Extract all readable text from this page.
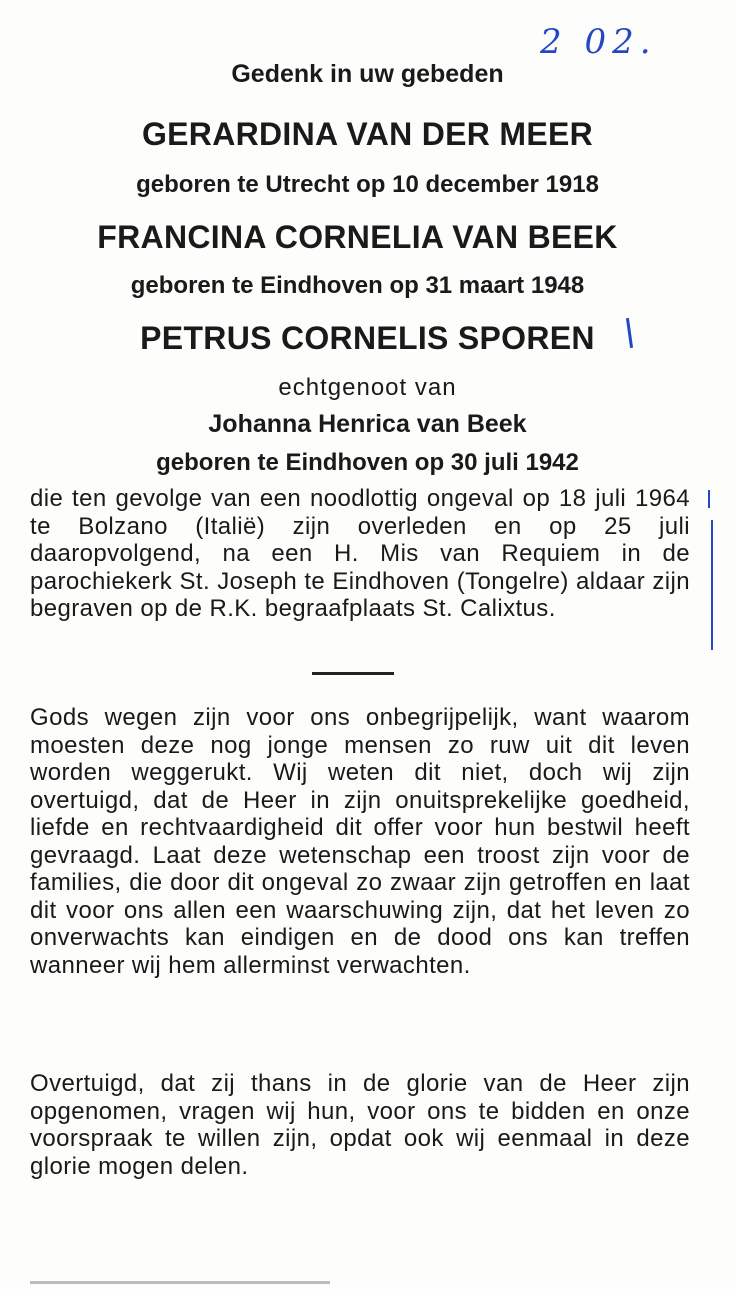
2 02.
Gedenk in uw gebeden
GERARDINA VAN DER MEER
geboren te Utrecht op 10 december 1918
FRANCINA CORNELIA VAN BEEK
geboren te Eindhoven op 31 maart 1948
PETRUS CORNELIS SPOREN
echtgenoot van
Johanna Henrica van Beek
geboren te Eindhoven op 30 juli 1942
die ten gevolge van een noodlottig ongeval op 18 juli 1964 te Bolzano (Italië) zijn overleden en op 25 juli daaropvolgend, na een H. Mis van Requiem in de parochiekerk St. Joseph te Eindhoven (Tongelre) aldaar zijn begraven op de R.K. begraafplaats St. Calixtus.
Gods wegen zijn voor ons onbegrijpelijk, want waarom moesten deze nog jonge mensen zo ruw uit dit leven worden weggerukt. Wij weten dit niet, doch wij zijn overtuigd, dat de Heer in zijn onuitsprekelijke goedheid, liefde en rechtvaardigheid dit offer voor hun bestwil heeft gevraagd. Laat deze wetenschap een troost zijn voor de families, die door dit ongeval zo zwaar zijn getroffen en laat dit voor ons allen een waarschuwing zijn, dat het leven zo onverwachts kan eindigen en de dood ons kan treffen wanneer wij hem allerminst verwachten.
Overtuigd, dat zij thans in de glorie van de Heer zijn opgenomen, vragen wij hun, voor ons te bidden en onze voorspraak te willen zijn, opdat ook wij eenmaal in deze glorie mogen delen.
